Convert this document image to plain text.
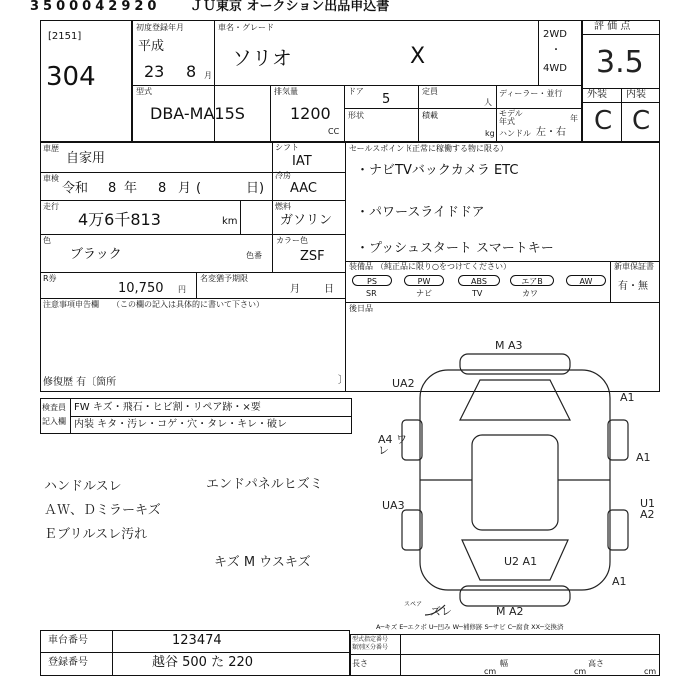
3500042920 ＪＵ東京 オークション出品申込書
[2151]
304
初度登録年月
平成
23 8 月
車名・グレード
ソリオ	X
2WD
・
4WD
型式
DBA-MA15S
排気量
1200
CC
ドア
5
定員
人
形状	積載
kg
ディーラー・並行
モデル年式	年
ハンドル 左・右
評 価 点
3.5
外装 内装
C C
車歴
自家用
車検
令和 8 年 8 月 (	日)
走行
4万6千813	km
色
ブラック	色番
カラー色
ZSF
R券
10,750 円
名変猶予期限
月 日
シフト
IAT
冷房
AAC
燃料
ガソリン
注意事項申告欄 （この欄の記入は具体的に書いて下さい）
修復歴 有〔箇所	〕
セールスポイント
（正常に稼働する物に限る）
・ナビTVバックカメラ ETC
・パワースライドドア
・プッシュスタート スマートキー
装備品 （純正品に限り○をつけてください）
PS	PW	ABS	エアB	AW
SR	ナビ	TV	カワ
新車保証書
有・無
後日品
検査員
記入欄
FW キズ・飛石・ヒビ割・リペア跡・×要
内装 キタ・汚レ・コゲ・穴・タレ・キレ・破レ
ハンドルスレ
ＡＷ、Ｄミラーキズ
Ｅブリルスレ汚れ
エンドパネルヒズミ
キズ M ウスキズ
M A3
UA2
A1
A4 ワレ
A1
UA3	U1 A2
U2 A1
A1
ズレ	M A2
スペア
A─キズ E─エクボ U─凹み W─補修跡 S─サビ C─腐食 XX─交換済
車台番号	123474
登録番号	越谷 500 た 220
型式指定番号
類別区分番号
長さ
cm
幅
cm
高さ
cm
